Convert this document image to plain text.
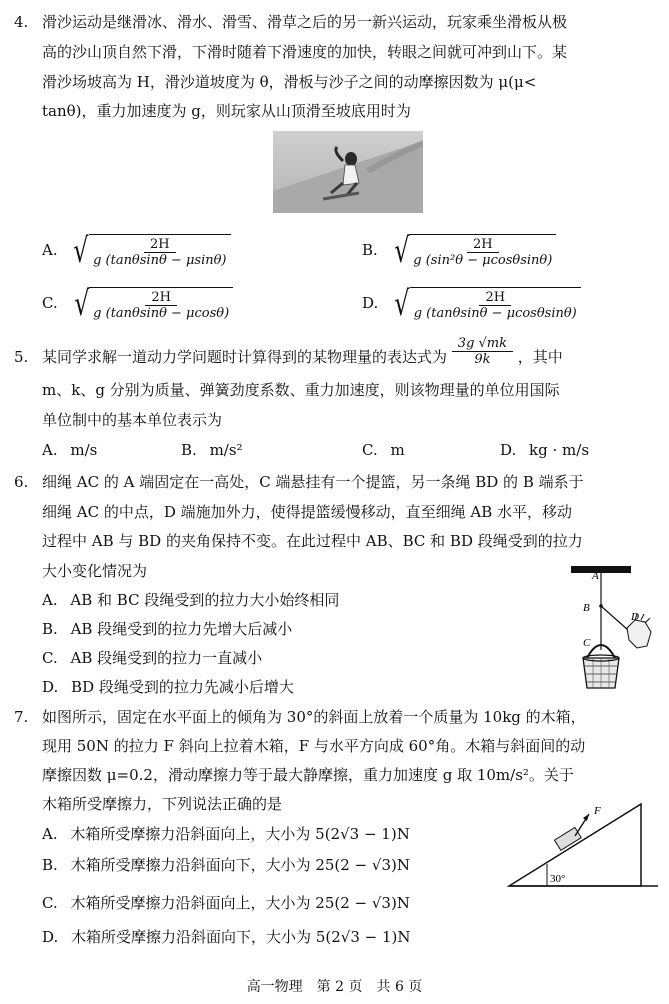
4. 滑沙运动是继滑冰、滑水、滑雪、滑草之后的另一新兴运动，玩家乘坐滑板从极
高的沙山顶自然下滑，下滑时随着下滑速度的加快，转眼之间就可冲到山下。某
滑沙场坡高为 H，滑沙道坡度为 θ，滑板与沙子之间的动摩擦因数为 μ(μ<
tanθ)，重力加速度为 g，则玩家从山顶滑至坡底用时为
A. √ $\frac{2H}{g (\tan\theta\sin\theta - \mu\sin\theta)}$	B. √ $\frac{2H}{\text{g (sin²θ − μcosθsinθ)}}$
C. √ $\frac{2H}{g (\tan\theta\sin\theta - \mu\cos\theta)}$	D. √ $\frac{2H}{g (\tan\theta\sin\theta - \mu\cos\theta\sin\theta)}$
5. 某同学求解一道动力学问题时计算得到的某物理量的表达式为 $\frac{3g √mk}{9k}$ ，其中
m、k、g 分别为质量、弹簧劲度系数、重力加速度，则该物理量的单位用国际
单位制中的基本单位表示为
A. m/s	B. m/s²	C. m	D. kg · m/s
6. 细绳 AC 的 A 端固定在一高处，C 端悬挂有一个提篮，另一条绳 BD 的 B 端系于
细绳 AC 的中点，D 端施加外力，使得提篮缓慢移动，直至细绳 AB 水平，移动
过程中 AB 与 BD 的夹角保持不变。在此过程中 AB、BC 和 BD 段绳受到的拉力
大小变化情况为
A. AB 和 BC 段绳受到的拉力大小始终相同
B. AB 段绳受到的拉力先增大后减小
C. AB 段绳受到的拉力一直减小
D. BD 段绳受到的拉力先减小后增大
A
B
C
D
7. 如图所示，固定在水平面上的倾角为 30°的斜面上放着一个质量为 10kg 的木箱，
现用 50N 的拉力 F 斜向上拉着木箱，F 与水平方向成 60°角。木箱与斜面间的动
摩擦因数 μ=0.2，滑动摩擦力等于最大静摩擦，重力加速度 g 取 10m/s²。关于
木箱所受摩擦力，下列说法正确的是
A. 木箱所受摩擦力沿斜面向上，大小为 5(2√3 − 1)N
B. 木箱所受摩擦力沿斜面向下，大小为 25(2 − √3)N
C. 木箱所受摩擦力沿斜面向上，大小为 25(2 − √3)N
D. 木箱所受摩擦力沿斜面向下，大小为 5(2√3 − 1)N
F
30°
高一物理　第 2 页　共 6 页
